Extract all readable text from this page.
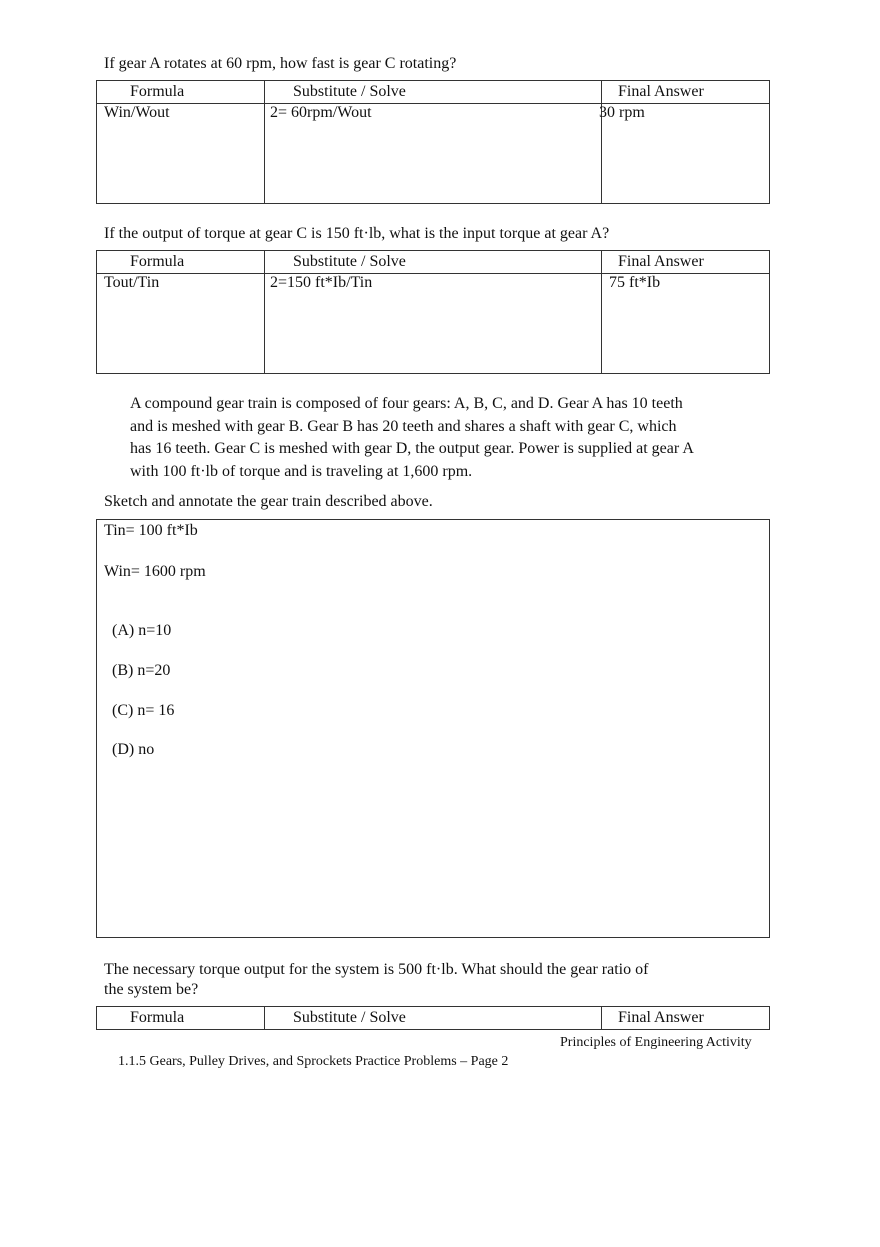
If gear A rotates at 60 rpm, how fast is gear C rotating?
Formula	Substitute / Solve	Final Answer

Win/Wout	2= 60rpm/Wout	30 rpm
If the output of torque at gear C is 150 ft·lb, what is the input torque at gear A?
Formula	Substitute / Solve	Final Answer

Tout/Tin	2=150 ft*Ib/Tin	75 ft*Ib
A compound gear train is composed of four gears: A, B, C, and D. Gear A has 10 teeth and is meshed with gear B. Gear B has 20 teeth and shares a shaft with gear C, which has 16 teeth. Gear C is meshed with gear D, the output gear. Power is supplied at gear A with 100 ft·lb of torque and is traveling at 1,600 rpm.
Sketch and annotate the gear train described above.
Tin= 100 ft*Ib
Win= 1600 rpm
(A) n=10
(B) n=20
(C) n= 16
(D) no
The necessary torque output for the system is 500 ft·lb. What should the gear ratio of
the system be?
Formula	Substitute / Solve	Final Answer
Principles of Engineering Activity
1.1.5 Gears, Pulley Drives, and Sprockets Practice Problems – Page 2
